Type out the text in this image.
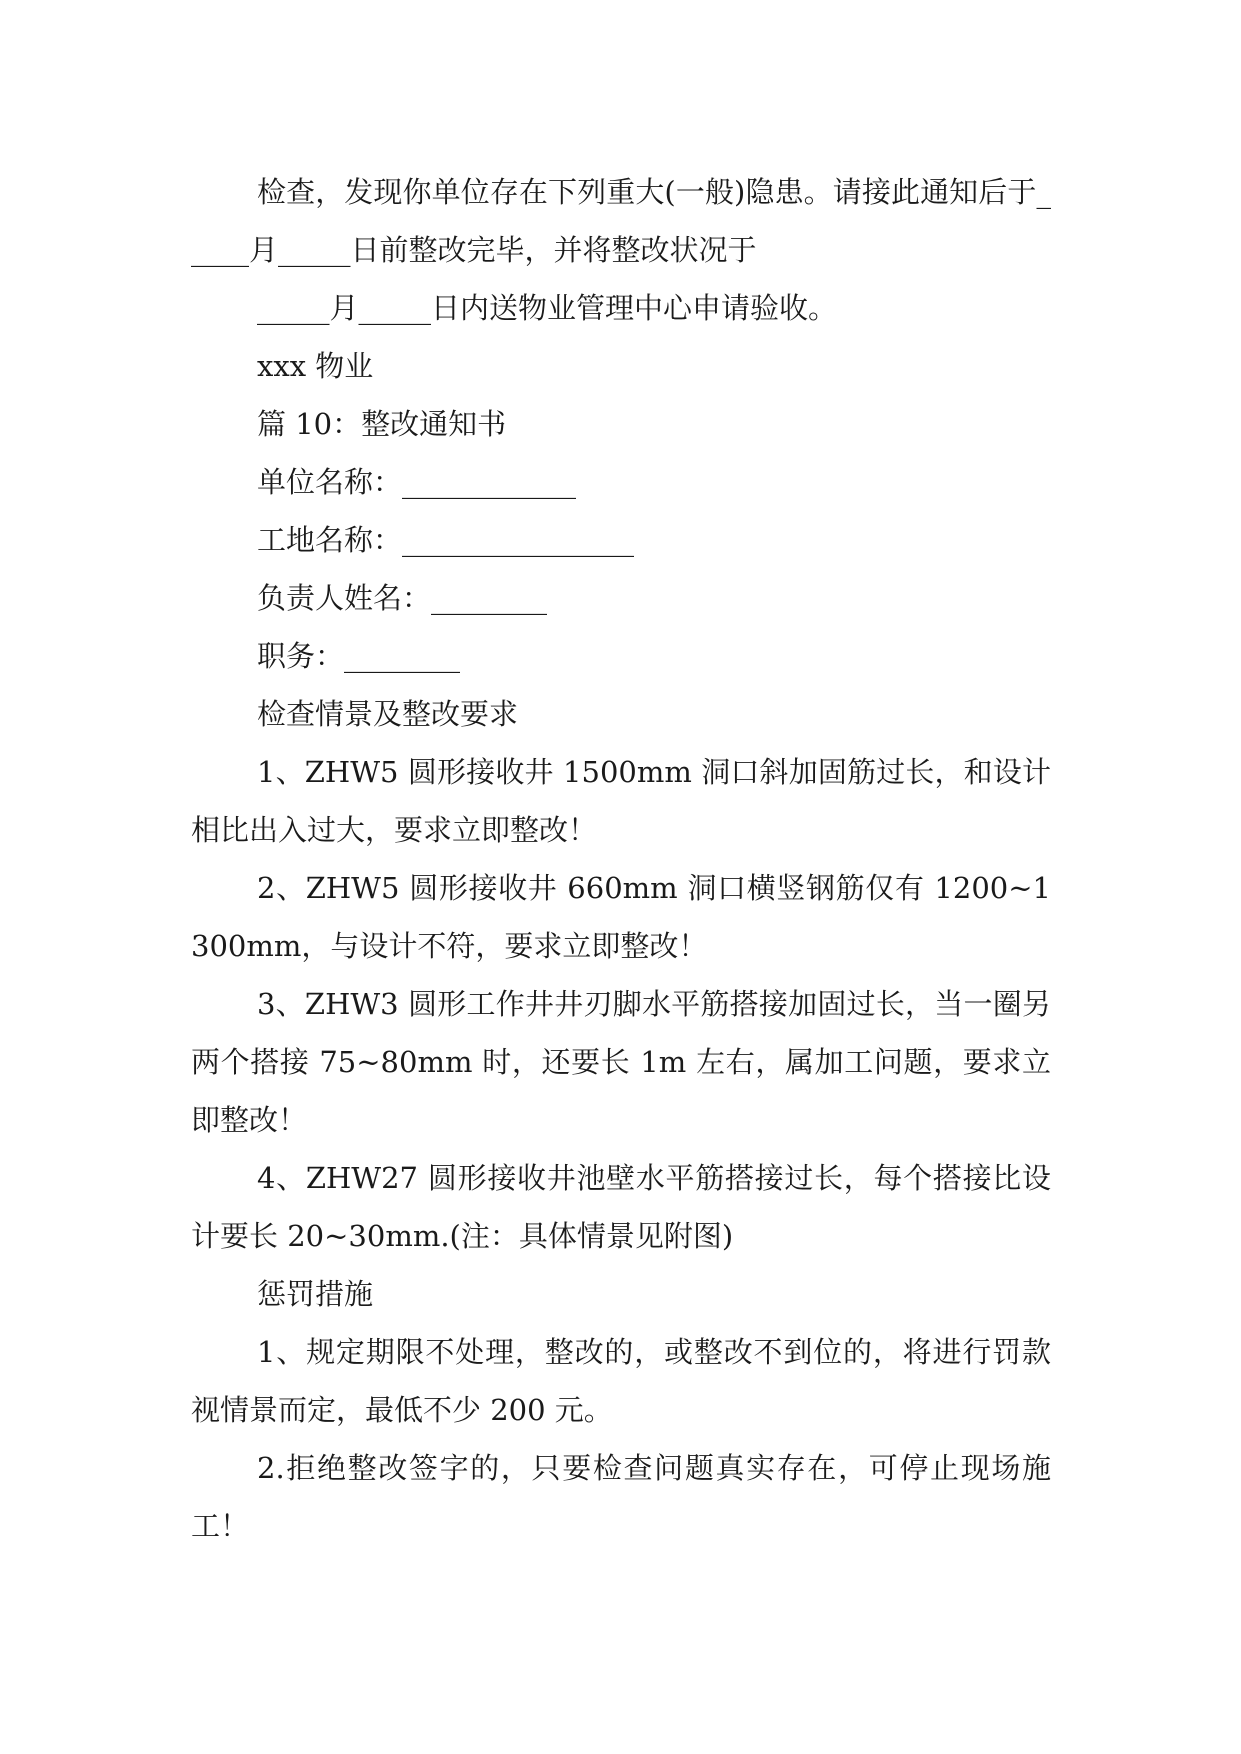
检查，发现你单位存在下列重大(一般)隐患。请接此通知后于_____月_____日前整改完毕，并将整改状况于

_____月_____日内送物业管理中心申请验收。

xxx 物业

篇 10：整改通知书

单位名称：____________

工地名称：________________

负责人姓名：________

职务：________

检查情景及整改要求

1、ZHW5 圆形接收井 1500mm 洞口斜加固筋过长，和设计相比出入过大，要求立即整改！

2、ZHW5 圆形接收井 660mm 洞口横竖钢筋仅有 1200~1300mm，与设计不符，要求立即整改！

3、ZHW3 圆形工作井井刃脚水平筋搭接加固过长，当一圈另两个搭接 75~80mm 时，还要长 1m 左右，属加工问题，要求立即整改！

4、ZHW27 圆形接收井池壁水平筋搭接过长，每个搭接比设计要长 20~30mm.(注：具体情景见附图)

惩罚措施

1、规定期限不处理，整改的，或整改不到位的，将进行罚款视情景而定，最低不少 200 元。

2.拒绝整改签字的，只要检查问题真实存在，可停止现场施工！
